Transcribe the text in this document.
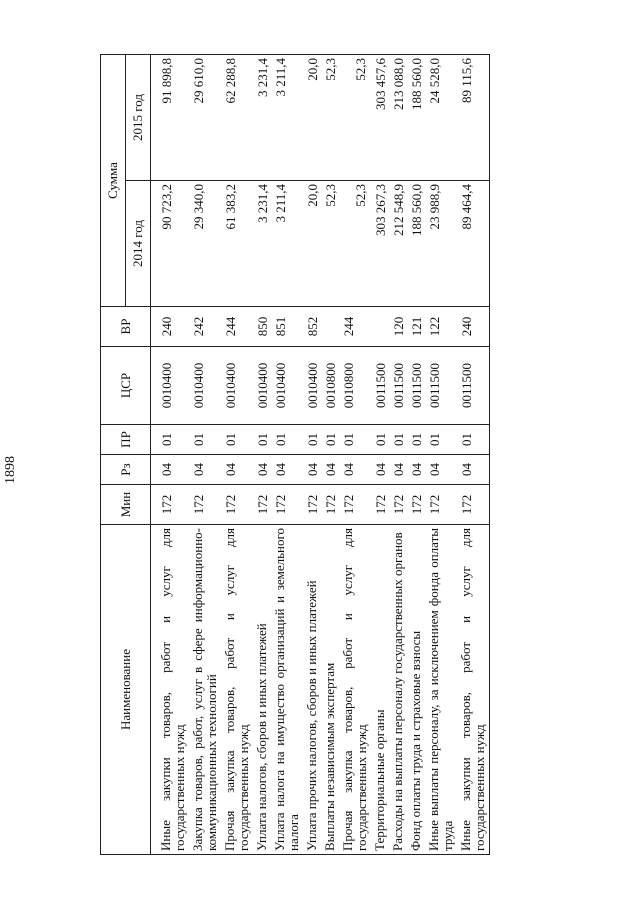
1898
Наименование	Мин	Рз	ПР	ЦСР	ВР	Сумма	
						2014 год	2015 год

Иные закупки товаров, работ и услуг для государственных нужд	172	04	01	0010400	240	90 723,2	91 898,8
Закупка товаров, работ, услуг в сфере информационно-коммуникационных технологий	172	04	01	0010400	242	29 340,0	29 610,0
Прочая закупка товаров, работ и услуг для государственных нужд	172	04	01	0010400	244	61 383,2	62 288,8
Уплата налогов, сборов и иных платежей	172	04	01	0010400	850	3 231,4	3 231,4
Уплата налога на имущество организаций и земельного налога	172	04	01	0010400	851	3 211,4	3 211,4
Уплата прочих налогов, сборов и иных платежей	172	04	01	0010400	852	20,0	20,0
Выплаты независимым экспертам	172	04	01	0010800		52,3	52,3
Прочая закупка товаров, работ и услуг для государственных нужд	172	04	01	0010800	244	52,3	52,3
Территориальные органы	172	04	01	0011500		303 267,3	303 457,6
Расходы на выплаты персоналу государственных органов	172	04	01	0011500	120	212 548,9	213 088,0
Фонд оплаты труда и страховые взносы	172	04	01	0011500	121	188 560,0	188 560,0
Иные выплаты персоналу, за исключением фонда оплаты труда	172	04	01	0011500	122	23 988,9	24 528,0
Иные закупки товаров, работ и услуг для государственных нужд	172	04	01	0011500	240	89 464,4	89 115,6
